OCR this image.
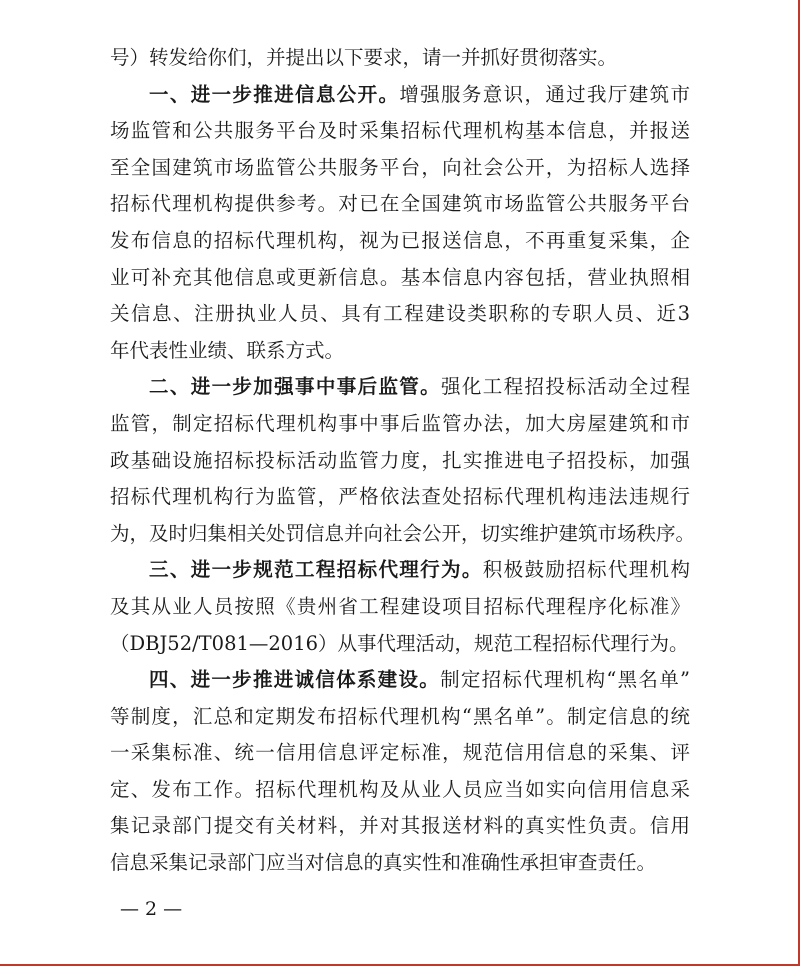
号）转发给你们，并提出以下要求，请一并抓好贯彻落实。
一、进一步推进信息公开。增强服务意识，通过我厅建筑市
场监管和公共服务平台及时采集招标代理机构基本信息，并报送
至全国建筑市场监管公共服务平台，向社会公开，为招标人选择
招标代理机构提供参考。对已在全国建筑市场监管公共服务平台
发布信息的招标代理机构，视为已报送信息，不再重复采集，企
业可补充其他信息或更新信息。基本信息内容包括，营业执照相
关信息、注册执业人员、具有工程建设类职称的专职人员、近3
年代表性业绩、联系方式。
二、进一步加强事中事后监管。强化工程招投标活动全过程
监管，制定招标代理机构事中事后监管办法，加大房屋建筑和市
政基础设施招标投标活动监管力度，扎实推进电子招投标，加强
招标代理机构行为监管，严格依法查处招标代理机构违法违规行
为，及时归集相关处罚信息并向社会公开，切实维护建筑市场秩序。
三、进一步规范工程招标代理行为。积极鼓励招标代理机构
及其从业人员按照《贵州省工程建设项目招标代理程序化标准》
（DBJ52/T081—2016）从事代理活动，规范工程招标代理行为。
四、进一步推进诚信体系建设。制定招标代理机构“黑名单”
等制度，汇总和定期发布招标代理机构“黑名单”。制定信息的统
一采集标准、统一信用信息评定标准，规范信用信息的采集、评
定、发布工作。招标代理机构及从业人员应当如实向信用信息采
集记录部门提交有关材料，并对其报送材料的真实性负责。信用
信息采集记录部门应当对信息的真实性和准确性承担审查责任。
— 2 —
